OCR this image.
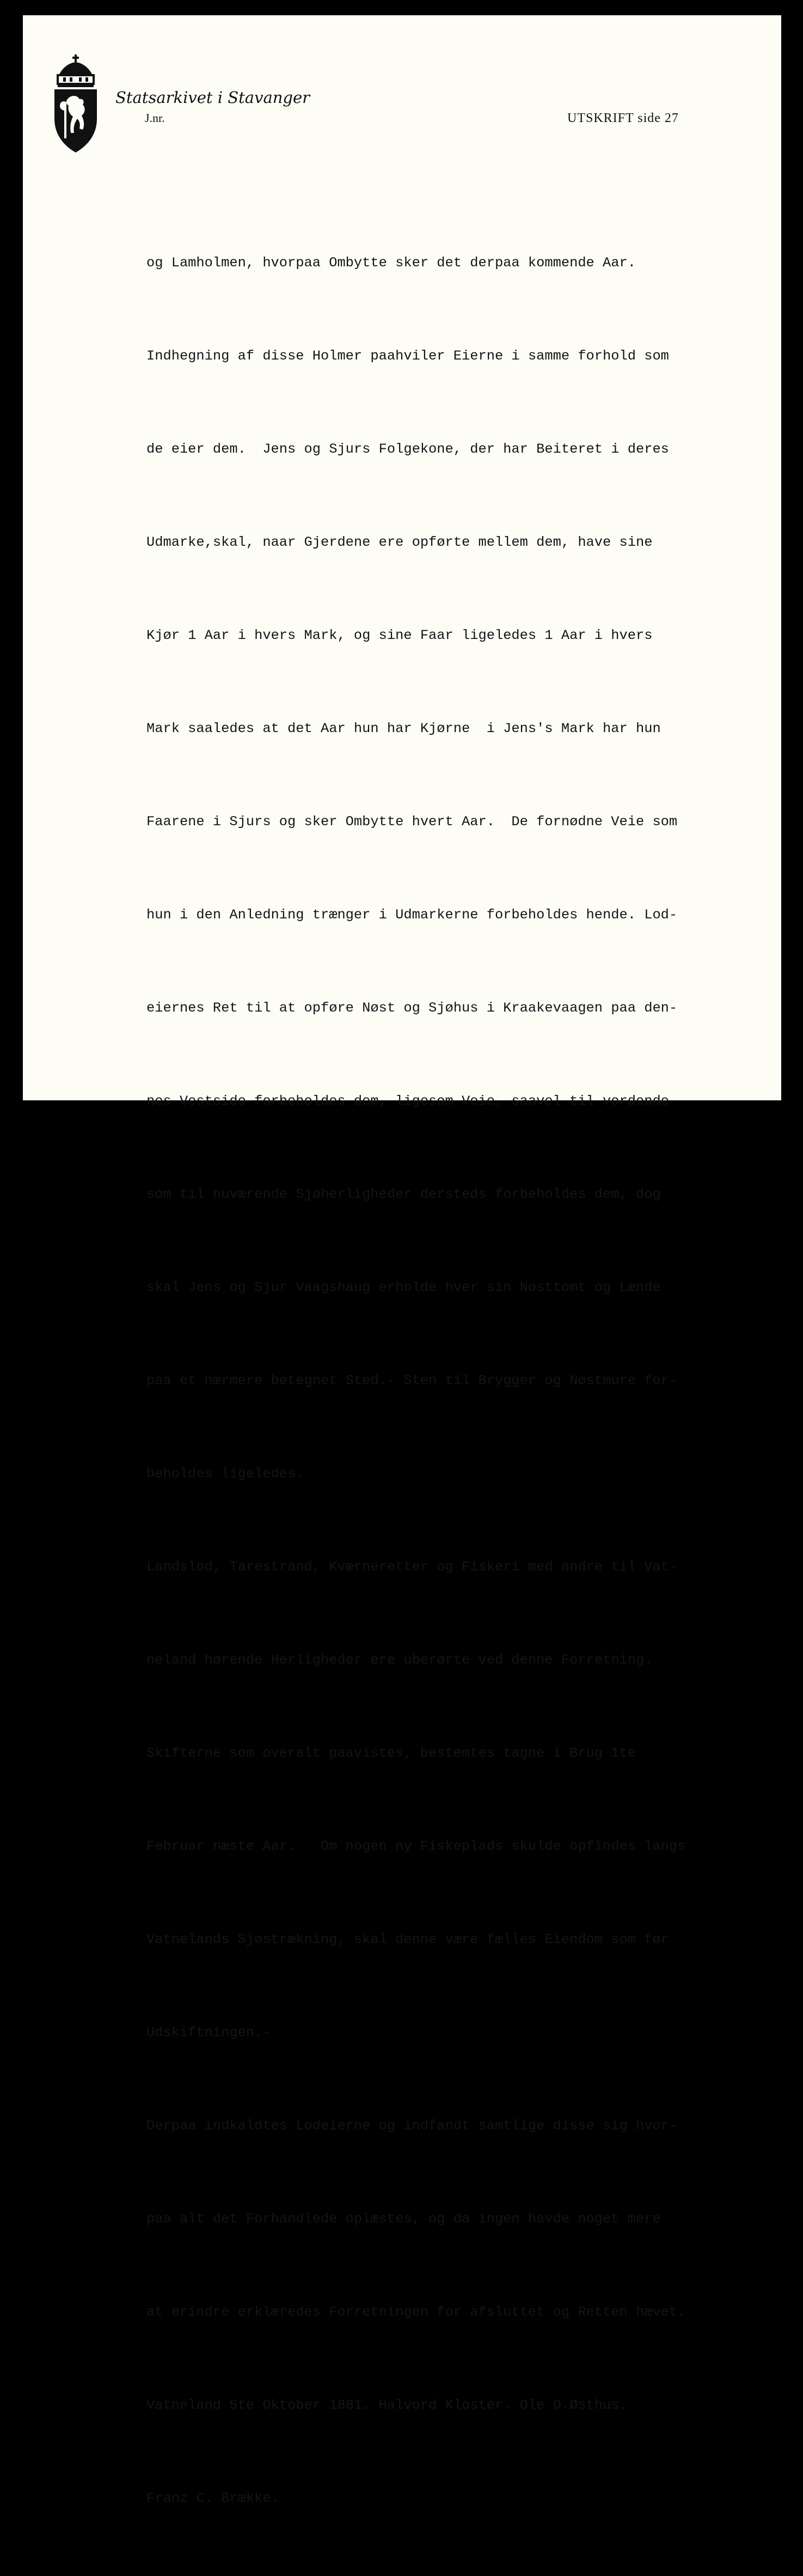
Statsarkivet i Stavanger
J.nr.	UTSKRIFT side 27

og Lamholmen, hvorpaa Ombytte sker det derpaa kommende Aar.

Indhegning af disse Holmer paahviler Eierne i samme forhold som

de eier dem.  Jens og Sjurs Folgekone, der har Beiteret i deres

Udmarke,skal, naar Gjerdene ere opførte mellem dem, have sine

Kjør 1 Aar i hvers Mark, og sine Faar ligeledes 1 Aar i hvers

Mark saaledes at det Aar hun har Kjørne  i Jens's Mark har hun

Faarene i Sjurs og sker Ombytte hvert Aar.  De fornødne Veie som

hun i den Anledning trænger i Udmarkerne forbeholdes hende. Lod-

eiernes Ret til at opføre Nøst og Sjøhus i Kraakevaagen paa den-

nes Vestside forbeholdes dem, ligesom Veie, saavel til vordende

som til nuværende Sjøherligheder dersteds forbeholdes dem, dog

skal Jens og Sjur Vaagshaug erholde hver sin Nøsttomt og Lænde

paa et nærmere betegnet Sted.- Sten til Brygger og Nøstmure for-

beholdes ligeledes.

Landslod, Tarestrand, Kværneretter og Fiskeri med andre til Vat-

neland hørende Herligheder ere uberørte ved denne Forretning.

Skifterne som overalt paavistes, bestemtes tagne i Brug 1te

Februar næste Aar.   Om nogen ny Fiskeplads skulde opfindes langs

Vatnelands Sjøstrækning, skal denne være fælles Eiendom som før

Udskiftningen.-

Derpaa indkaldtes Lodeierne og indfandt samtlige disse sig hvor-

paa alt det Forhandlede oplæstes, og da ingen havde noget mere

at erindre erklæredes Forretningen for afsluttet og Retten hævet.

Vatneland 5te Oktober 1881. Halvord Kloster. Ole O.Østhus.

Franz C. Brække.
